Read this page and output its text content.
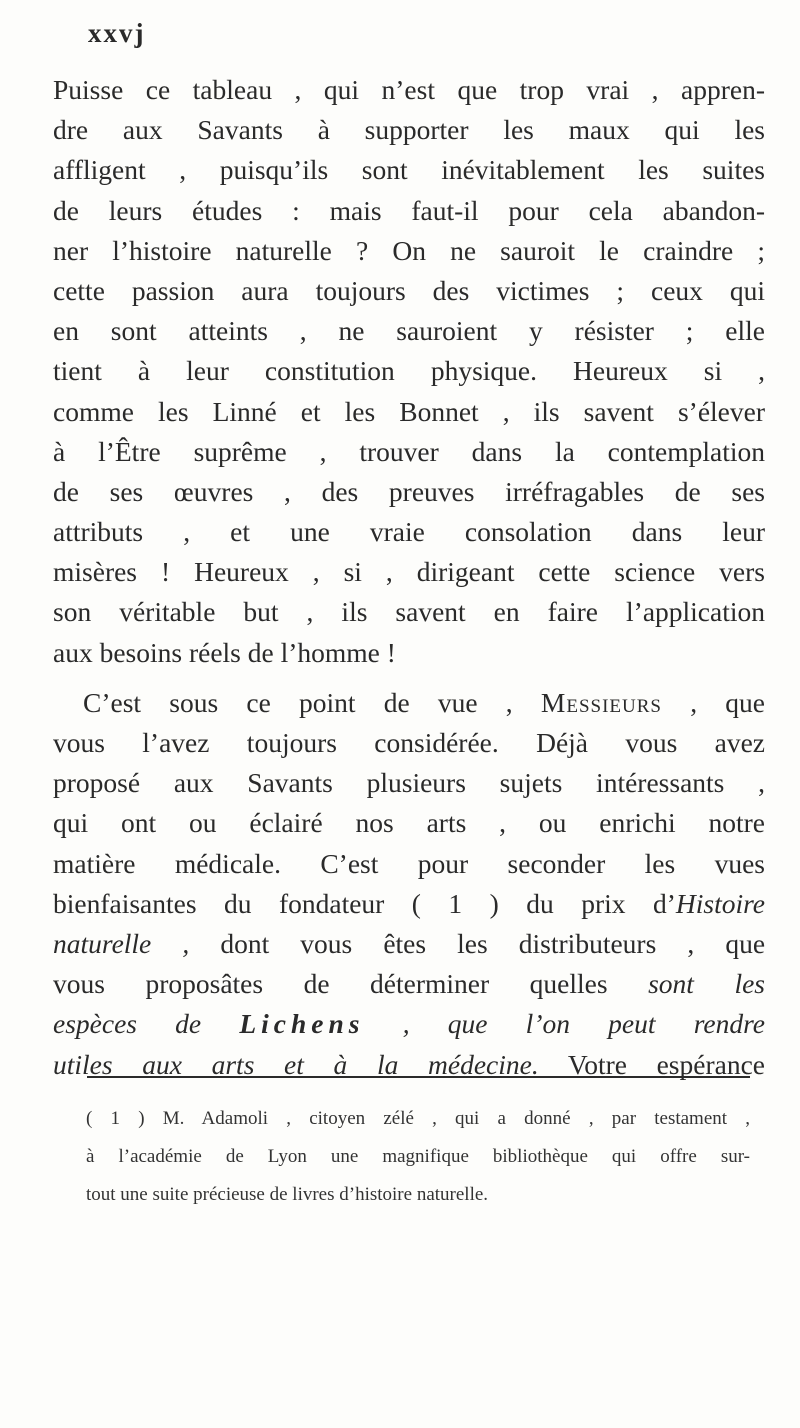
xxvj
Puisse ce tableau , qui n’est que trop vrai , appren-
dre aux Savants à supporter les maux qui les
affligent , puisqu’ils sont inévitablement les suites
de leurs études : mais faut-il pour cela abandon-
ner l’histoire naturelle ? On ne sauroit le craindre ;
cette passion aura toujours des victimes ; ceux qui
en sont atteints , ne sauroient y résister ; elle
tient à leur constitution physique. Heureux si ,
comme les Linné et les Bonnet , ils savent s’élever
à l’Être suprême , trouver dans la contemplation
de ses œuvres , des preuves irréfragables de ses
attributs , et une vraie consolation dans leur
misères ! Heureux , si , dirigeant cette science vers
son véritable but , ils savent en faire l’application
aux besoins réels de l’homme !
C’est sous ce point de vue , Messieurs , que
vous l’avez toujours considérée. Déjà vous avez
proposé aux Savants plusieurs sujets intéressants ,
qui ont ou éclairé nos arts , ou enrichi notre
matière médicale. C’est pour seconder les vues
bienfaisantes du fondateur ( 1 ) du prix d’Histoire
naturelle , dont vous êtes les distributeurs , que
vous proposâtes de déterminer quelles sont les
espèces de Lichens , que l’on peut rendre
utiles aux arts et à la médecine. Votre espérance
( 1 ) M. Adamoli , citoyen zélé , qui a donné , par testament ,
à l’académie de Lyon une magnifique bibliothèque qui offre sur-
tout une suite précieuse de livres d’histoire naturelle.
